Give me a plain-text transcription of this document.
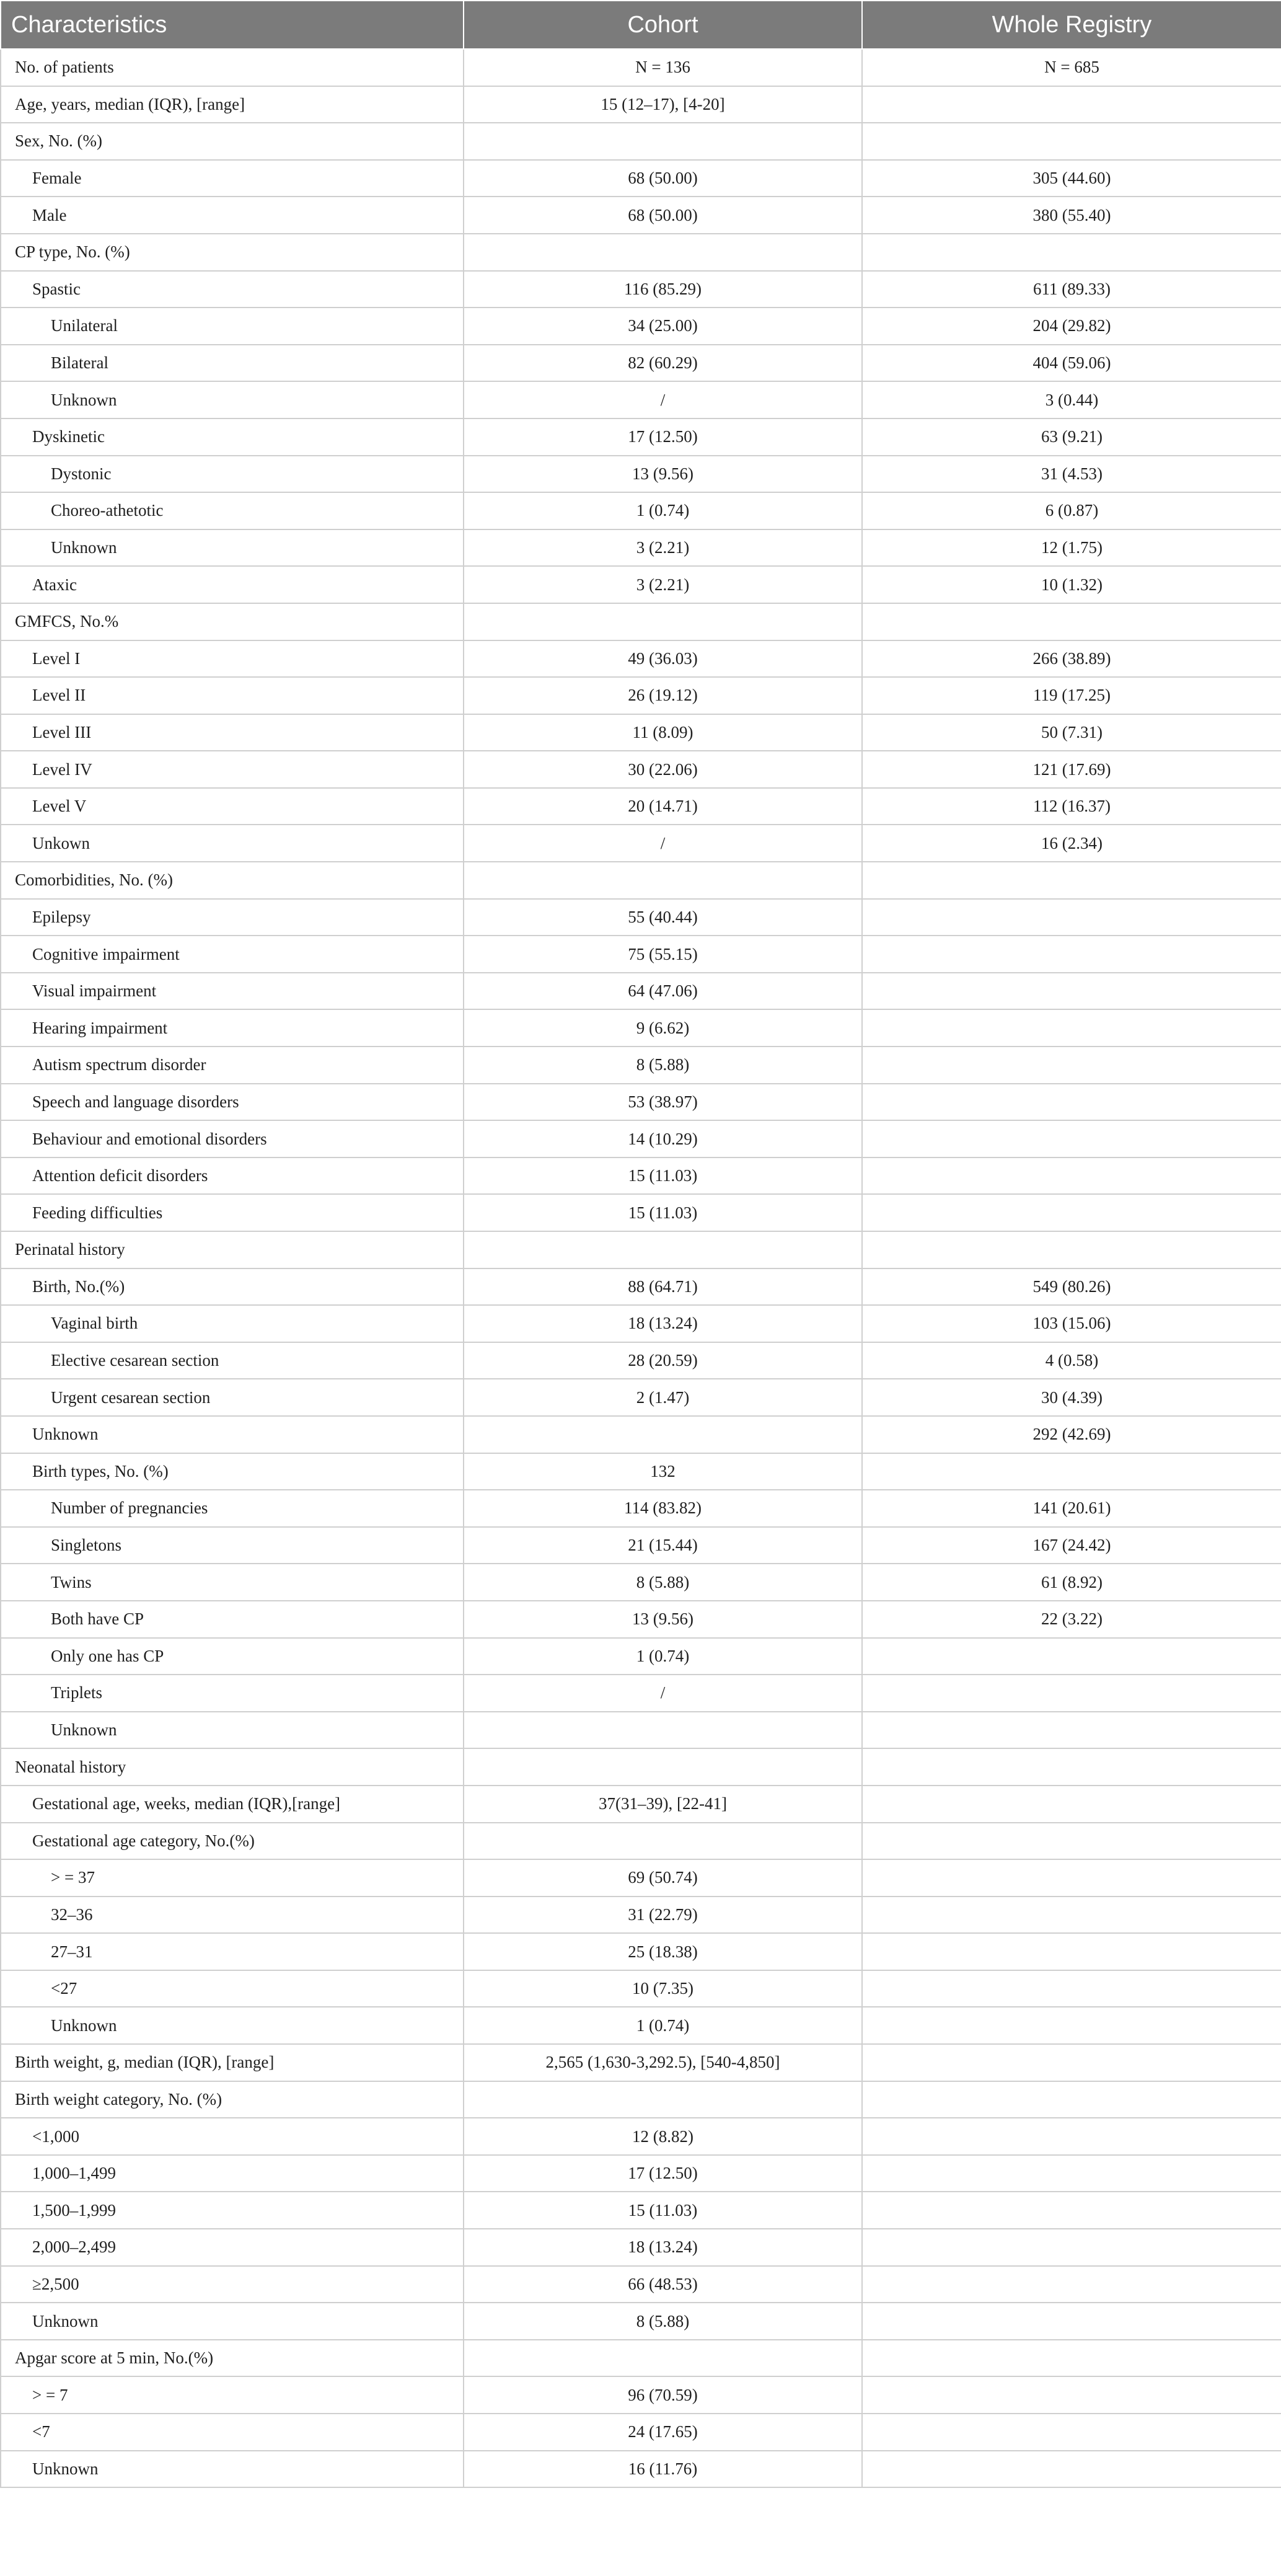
Characteristics	Cohort	Whole Registry
No. of patients	N = 136	N = 685
Age, years, median (IQR), [range]	15 (12–17), [4-20]	
Sex, No. (%)		
Female	68 (50.00)	305 (44.60)
Male	68 (50.00)	380 (55.40)
CP type, No. (%)		
Spastic	116 (85.29)	611 (89.33)
Unilateral	34 (25.00)	204 (29.82)
Bilateral	82 (60.29)	404 (59.06)
Unknown	/	3 (0.44)
Dyskinetic	17 (12.50)	63 (9.21)
Dystonic	13 (9.56)	31 (4.53)
Choreo-athetotic	1 (0.74)	6 (0.87)
Unknown	3 (2.21)	12 (1.75)
Ataxic	3 (2.21)	10 (1.32)
GMFCS, No.%		
Level I	49 (36.03)	266 (38.89)
Level II	26 (19.12)	119 (17.25)
Level III	11 (8.09)	50 (7.31)
Level IV	30 (22.06)	121 (17.69)
Level V	20 (14.71)	112 (16.37)
Unkown	/	16 (2.34)
Comorbidities, No. (%)		
Epilepsy	55 (40.44)	
Cognitive impairment	75 (55.15)	
Visual impairment	64 (47.06)	
Hearing impairment	9 (6.62)	
Autism spectrum disorder	8 (5.88)	
Speech and language disorders	53 (38.97)	
Behaviour and emotional disorders	14 (10.29)	
Attention deficit disorders	15 (11.03)	
Feeding difficulties	15 (11.03)	
Perinatal history		
Birth, No.(%)	88 (64.71)	549 (80.26)
Vaginal birth	18 (13.24)	103 (15.06)
Elective cesarean section	28 (20.59)	4 (0.58)
Urgent cesarean section	2 (1.47)	30 (4.39)
Unknown		292 (42.69)
Birth types, No. (%)	132	
Number of pregnancies	114 (83.82)	141 (20.61)
Singletons	21 (15.44)	167 (24.42)
Twins	8 (5.88)	61 (8.92)
Both have CP	13 (9.56)	22 (3.22)
Only one has CP	1 (0.74)	
Triplets	/	
Unknown		
Neonatal history		
Gestational age, weeks, median (IQR),[range]	37(31–39), [22-41]	
Gestational age category, No.(%)		
> = 37	69 (50.74)	
32–36	31 (22.79)	
27–31	25 (18.38)	
<27	10 (7.35)	
Unknown	1 (0.74)	
Birth weight, g, median (IQR), [range]	2,565 (1,630-3,292.5), [540-4,850]	
Birth weight category, No. (%)		
<1,000	12 (8.82)	
1,000–1,499	17 (12.50)	
1,500–1,999	15 (11.03)	
2,000–2,499	18 (13.24)	
≥2,500	66 (48.53)	
Unknown	8 (5.88)	
Apgar score at 5 min, No.(%)		
> = 7	96 (70.59)	
<7	24 (17.65)	
Unknown	16 (11.76)	
